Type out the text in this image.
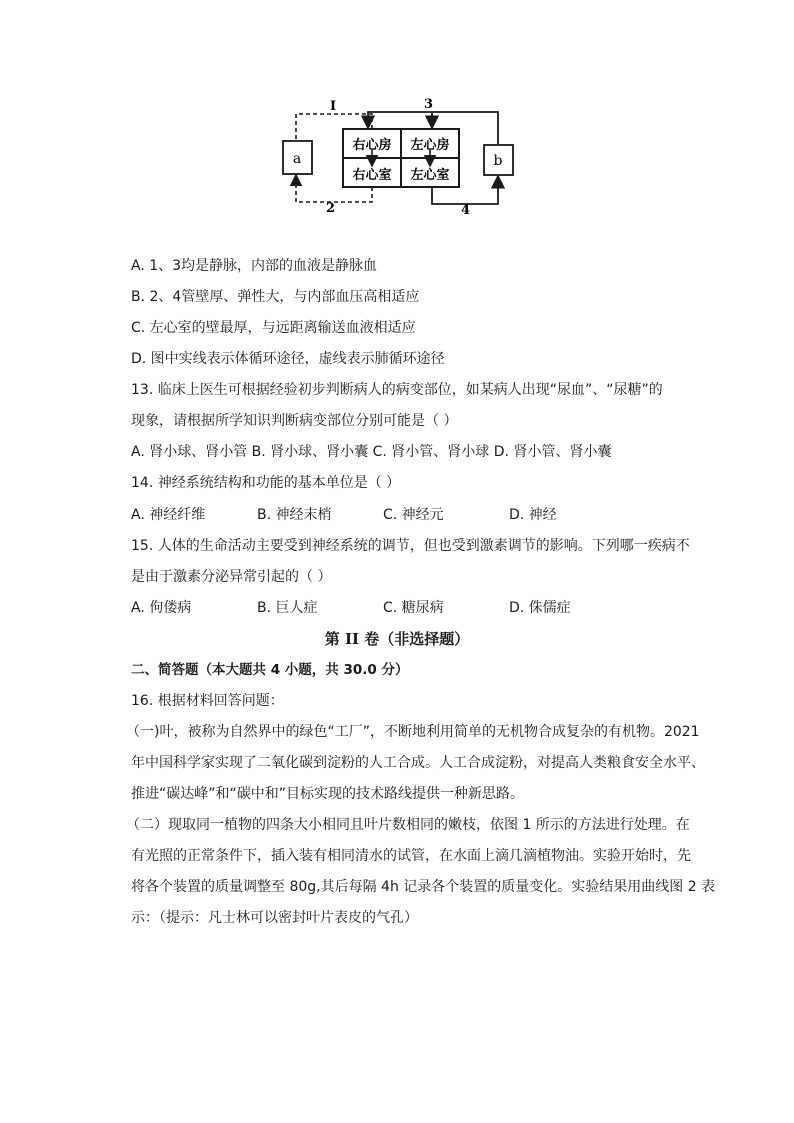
a	b
右心房 左心房
右心室 左心室
I	3
2	4
A. 1、3均是静脉，内部的血液是静脉血
B. 2、4管壁厚、弹性大，与内部血压高相适应
C. 左心室的壁最厚，与远距离输送血液相适应
D. 图中实线表示体循环途径，虚线表示肺循环途径
13. 临床上医生可根据经验初步判断病人的病变部位，如某病人出现“尿血”、“尿糖”的
现象，请根据所学知识判断病变部位分别可能是（ ）
A. 肾小球、肾小管 B. 肾小球、肾小囊 C. 肾小管、肾小球 D. 肾小管、肾小囊
14. 神经系统结构和功能的基本单位是（ ）
A. 神经纤维	B. 神经末梢	C. 神经元	D. 神经
15. 人体的生命活动主要受到神经系统的调节，但也受到激素调节的影响。下列哪一疾病不
是由于激素分泌异常引起的（ ）
A. 佝偻病	B. 巨人症	C. 糖尿病	D. 侏儒症
第 II 卷（非选择题）
二、简答题（本大题共 4 小题，共 30.0 分）
16. 根据材料回答问题：
（一)叶，被称为自然界中的绿色“工厂”，不断地利用简单的无机物合成复杂的有机物。2021
年中国科学家实现了二氧化碳到淀粉的人工合成。人工合成淀粉，对提高人类粮食安全水平、
推进“碳达峰”和“碳中和”目标实现的技术路线提供一种新思路。
（二）现取同一植物的四条大小相同且叶片数相同的嫩枝，依图 1 所示的方法进行处理。在
有光照的正常条件下，插入装有相同清水的试管，在水面上滴几滴植物油。实验开始时，先
将各个装置的质量调整至 80g,其后每隔 4h 记录各个装置的质量变化。实验结果用曲线图 2 表
示：（提示：凡士林可以密封叶片表皮的气孔）
